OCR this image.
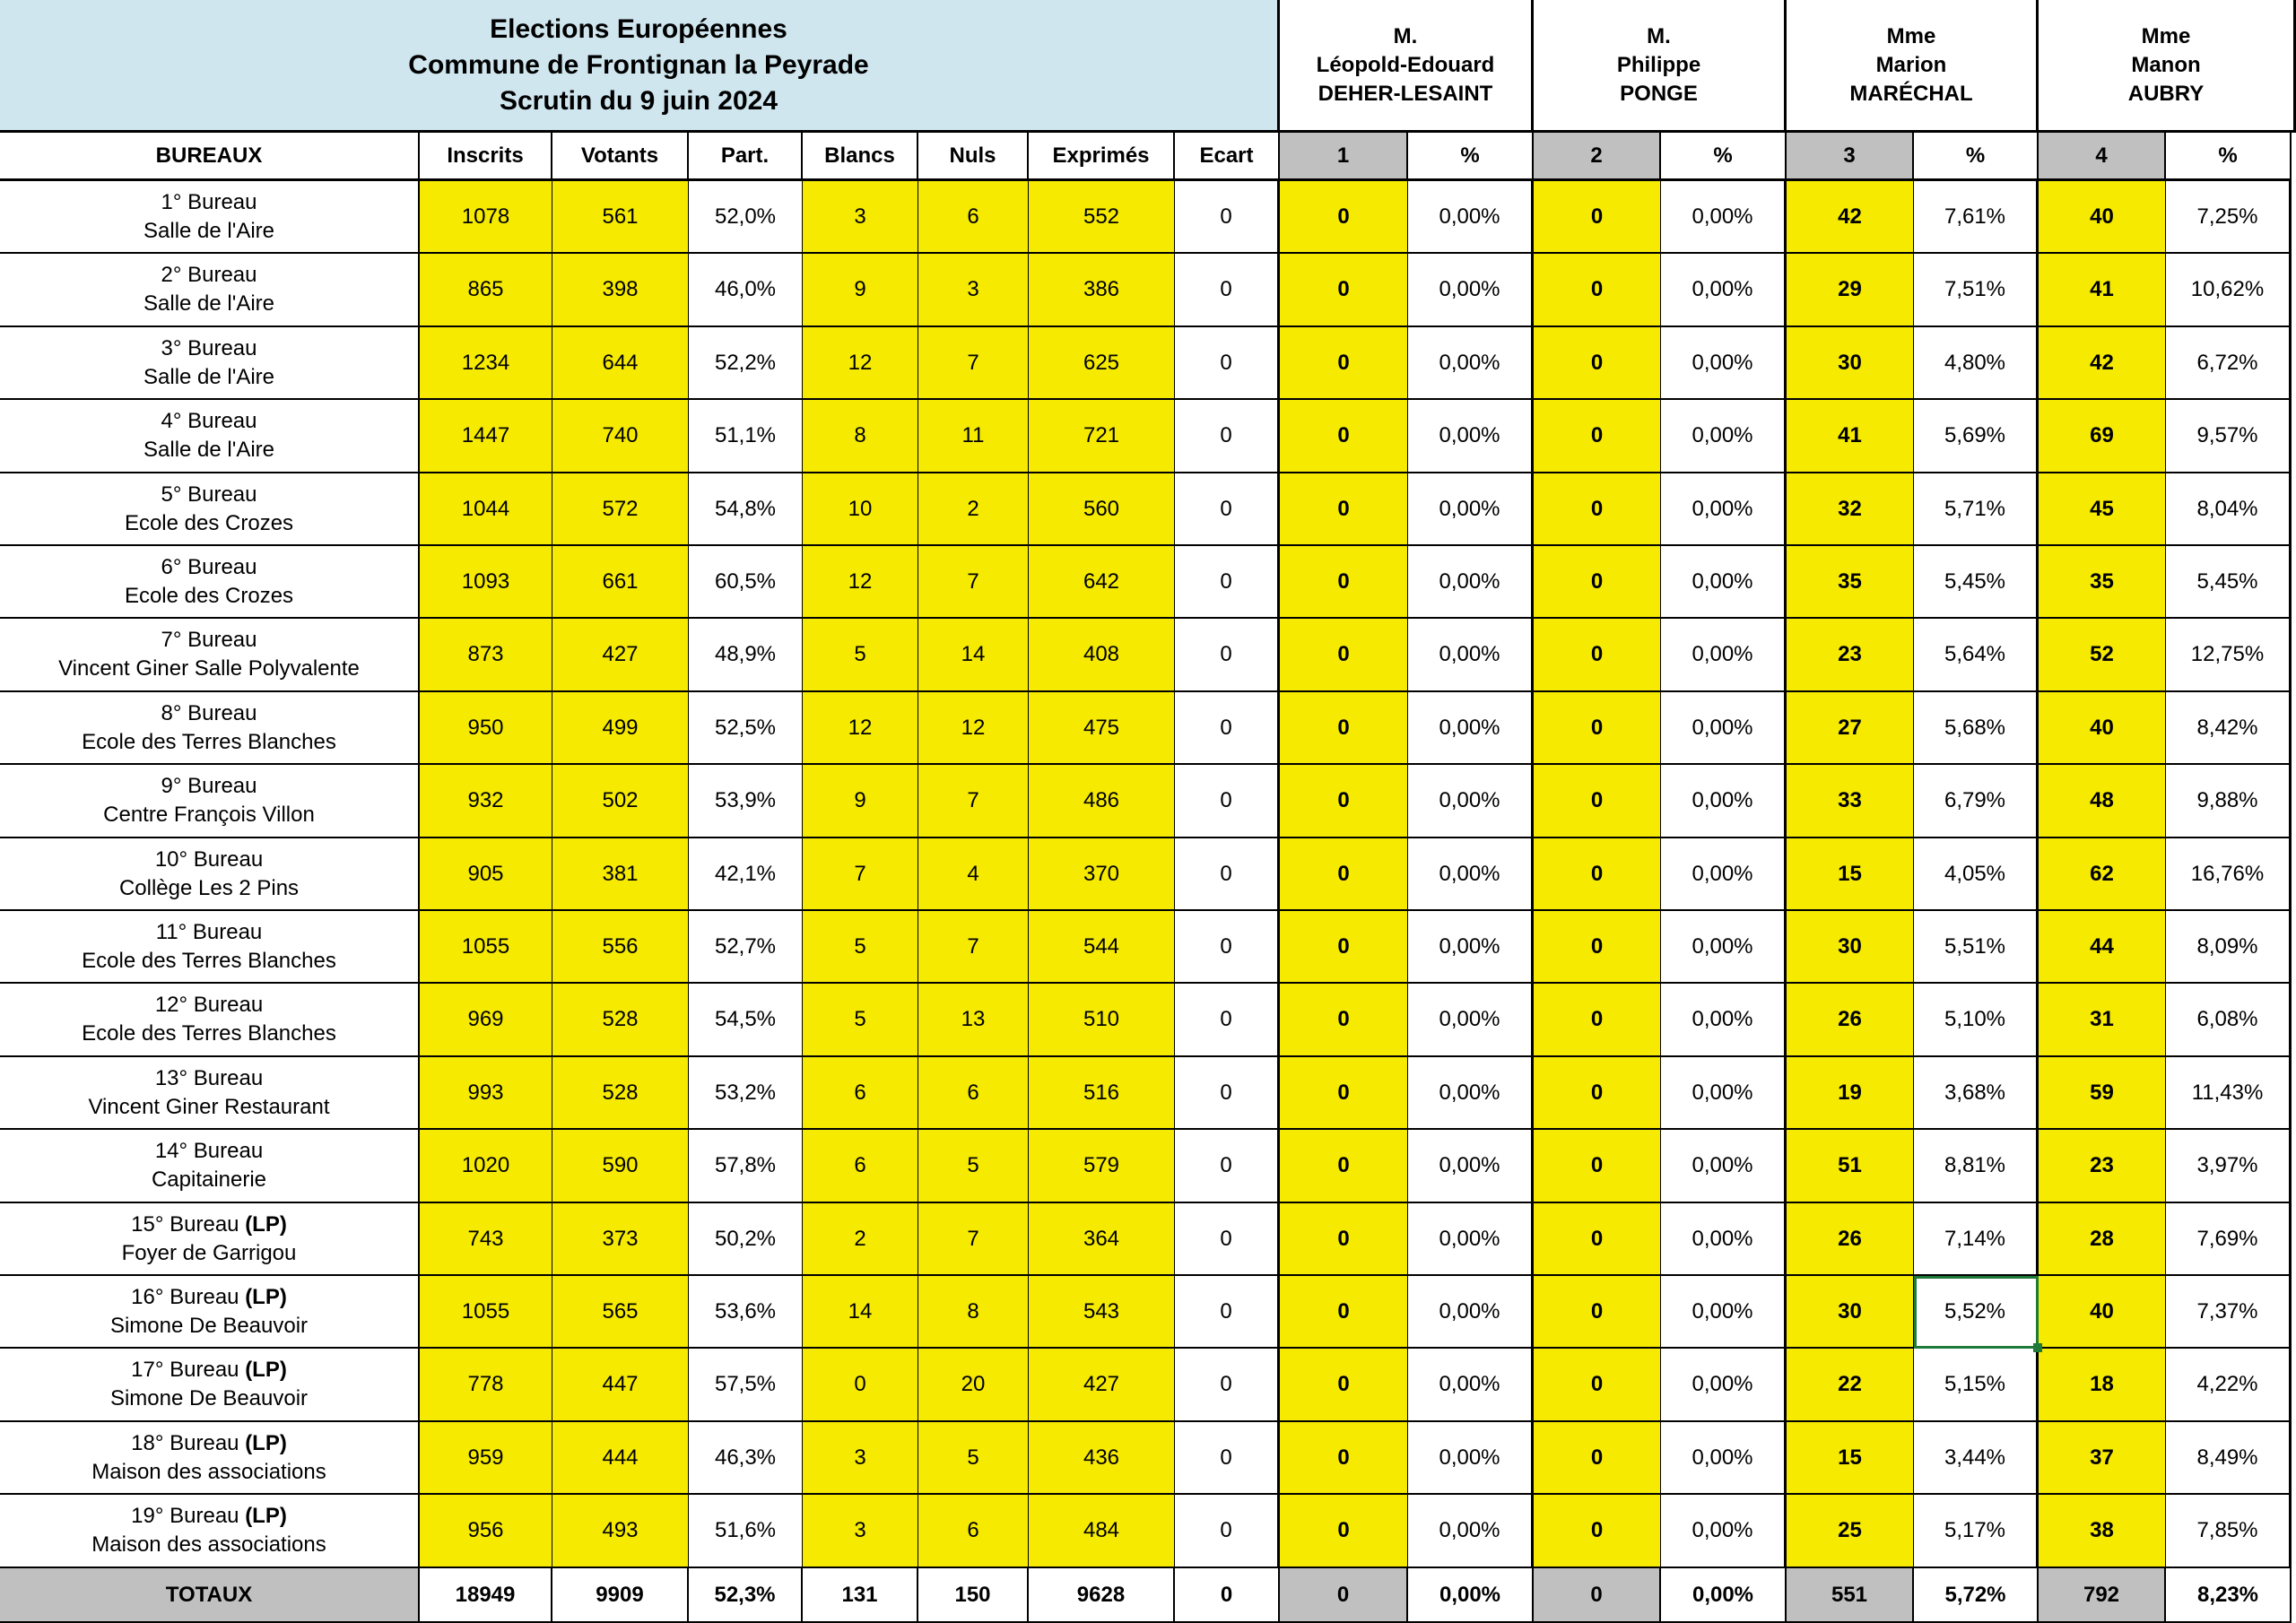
Elections Européennes
Commune de Frontignan la Peyrade
Scrutin du 9 juin 2024
M.
Léopold-Edouard
DEHER-LESAINT
M.
Philippe
PONGE
Mme
Marion
MARÉCHAL
Mme
Manon
AUBRY
BUREAUX	Inscrits	Votants	Part.	Blancs	Nuls	Exprimés	Ecart	1	%	2	%	3	%	4	%
1° Bureau
Salle de l'Aire
1078	561	52,0%	3	6	552	0	0	0,00%	0	0,00%	42	7,61%	40	7,25%
2° Bureau
Salle de l'Aire
865	398	46,0%	9	3	386	0	0	0,00%	0	0,00%	29	7,51%	41	10,62%
3° Bureau
Salle de l'Aire
1234	644	52,2%	12	7	625	0	0	0,00%	0	0,00%	30	4,80%	42	6,72%
4° Bureau
Salle de l'Aire
1447	740	51,1%	8	11	721	0	0	0,00%	0	0,00%	41	5,69%	69	9,57%
5° Bureau
Ecole des Crozes
1044	572	54,8%	10	2	560	0	0	0,00%	0	0,00%	32	5,71%	45	8,04%
6° Bureau
Ecole des Crozes
1093	661	60,5%	12	7	642	0	0	0,00%	0	0,00%	35	5,45%	35	5,45%
7° Bureau
Vincent Giner Salle Polyvalente
873	427	48,9%	5	14	408	0	0	0,00%	0	0,00%	23	5,64%	52	12,75%
8° Bureau
Ecole des Terres Blanches
950	499	52,5%	12	12	475	0	0	0,00%	0	0,00%	27	5,68%	40	8,42%
9° Bureau
Centre François Villon
932	502	53,9%	9	7	486	0	0	0,00%	0	0,00%	33	6,79%	48	9,88%
10° Bureau
Collège Les 2 Pins
905	381	42,1%	7	4	370	0	0	0,00%	0	0,00%	15	4,05%	62	16,76%
11° Bureau
Ecole des Terres Blanches
1055	556	52,7%	5	7	544	0	0	0,00%	0	0,00%	30	5,51%	44	8,09%
12° Bureau
Ecole des Terres Blanches
969	528	54,5%	5	13	510	0	0	0,00%	0	0,00%	26	5,10%	31	6,08%
13° Bureau
Vincent Giner Restaurant
993	528	53,2%	6	6	516	0	0	0,00%	0	0,00%	19	3,68%	59	11,43%
14° Bureau
Capitainerie
1020	590	57,8%	6	5	579	0	0	0,00%	0	0,00%	51	8,81%	23	3,97%
15° Bureau (LP)
Foyer de Garrigou
743	373	50,2%	2	7	364	0	0	0,00%	0	0,00%	26	7,14%	28	7,69%
16° Bureau (LP)
Simone De Beauvoir
1055	565	53,6%	14	8	543	0	0	0,00%	0	0,00%	30	5,52%	40	7,37%
17° Bureau (LP)
Simone De Beauvoir
778	447	57,5%	0	20	427	0	0	0,00%	0	0,00%	22	5,15%	18	4,22%
18° Bureau (LP)
Maison des associations
959	444	46,3%	3	5	436	0	0	0,00%	0	0,00%	15	3,44%	37	8,49%
19° Bureau (LP)
Maison des associations
956	493	51,6%	3	6	484	0	0	0,00%	0	0,00%	25	5,17%	38	7,85%
TOTAUX	18949	9909	52,3%	131	150	9628	0	0	0,00%	0	0,00%	551	5,72%	792	8,23%
